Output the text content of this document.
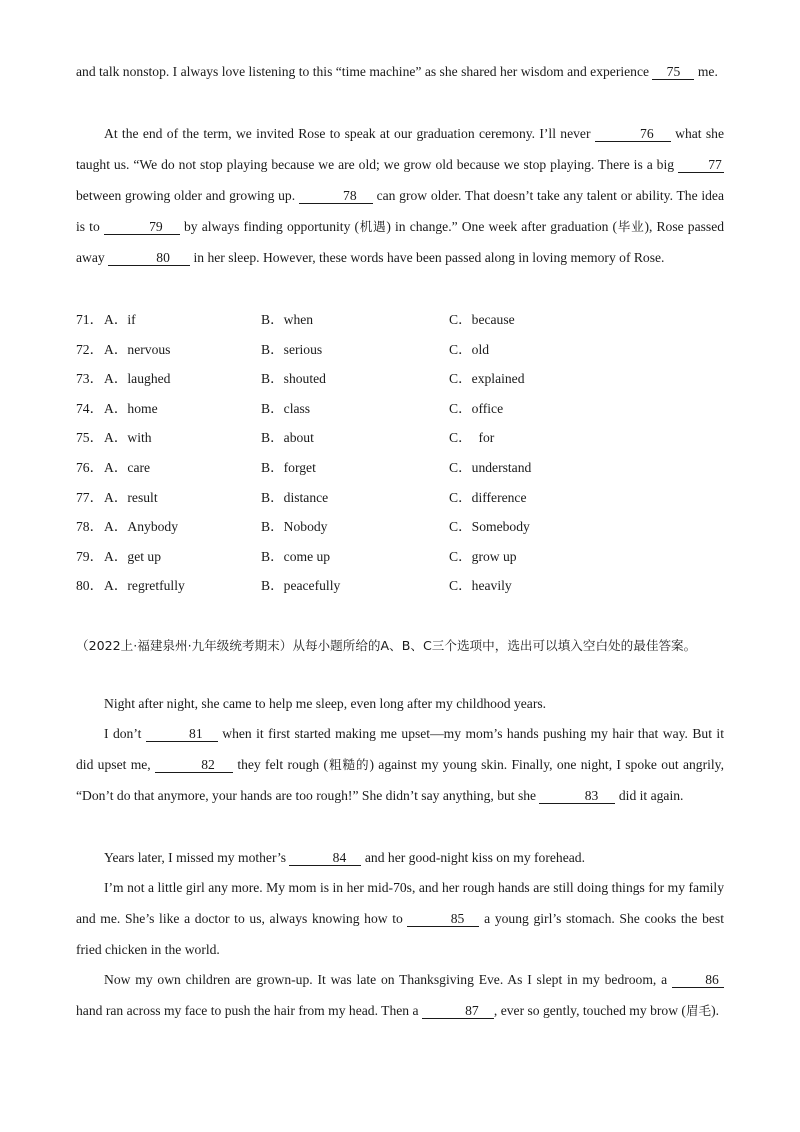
and talk nonstop. I always love listening to this “time machine” as she shared her wisdom and experience 75 me.

At the end of the term, we invited Rose to speak at our graduation ceremony. I’ll never	76 what she taught us. “We do not stop playing because we are old; we grow old because we stop playing. There is a big 77 between growing older and growing up.	78 can grow older. That doesn’t take any talent or ability. The idea is to	79 by always finding opportunity (机遇) in change.” One week after graduation (毕业), Rose passed away	80 in her sleep. However, these words have been passed along in loving memory of Rose.

71． A．if	B．when	C．because
72． A．nervous	B．serious	C．old
73． A．laughed	B．shouted	C．explained
74． A．home	B．class	C．office
75． A．with	B．about	C．  for
76． A．care	B．forget	C．understand
77． A．result	B．distance	C．difference
78． A．Anybody	B．Nobody	C．Somebody
79． A．get up	B．come up	C．grow up
80． A．regretfully	B．peacefully	C．heavily

（2022上·福建泉州·九年级统考期末）从每小题所给的A、B、C三个选项中，选出可以填入空白处的最佳答案。

Night after night, she came to help me sleep, even long after my childhood years.

I don’t	81 when it first started making me upset—my mom’s hands pushing my hair that way. But it did upset me,	82 they felt rough (粗糙的) against my young skin. Finally, one night, I spoke out angrily, “Don’t do that anymore, your hands are too rough!” She didn’t say anything, but she	83 did it again.

Years later, I missed my mother’s	84 and her good-night kiss on my forehead.

I’m not a little girl any more. My mom is in her mid-70s, and her rough hands are still doing things for my family and me. She’s like a doctor to us, always knowing how to	85 a young girl’s stomach. She cooks the best fried chicken in the world.

Now my own children are grown-up. It was late on Thanksgiving Eve. As I slept in my bedroom, a 86 hand ran across my face to push the hair from my head. Then a	87 , ever so gently, touched my brow (眉毛).
